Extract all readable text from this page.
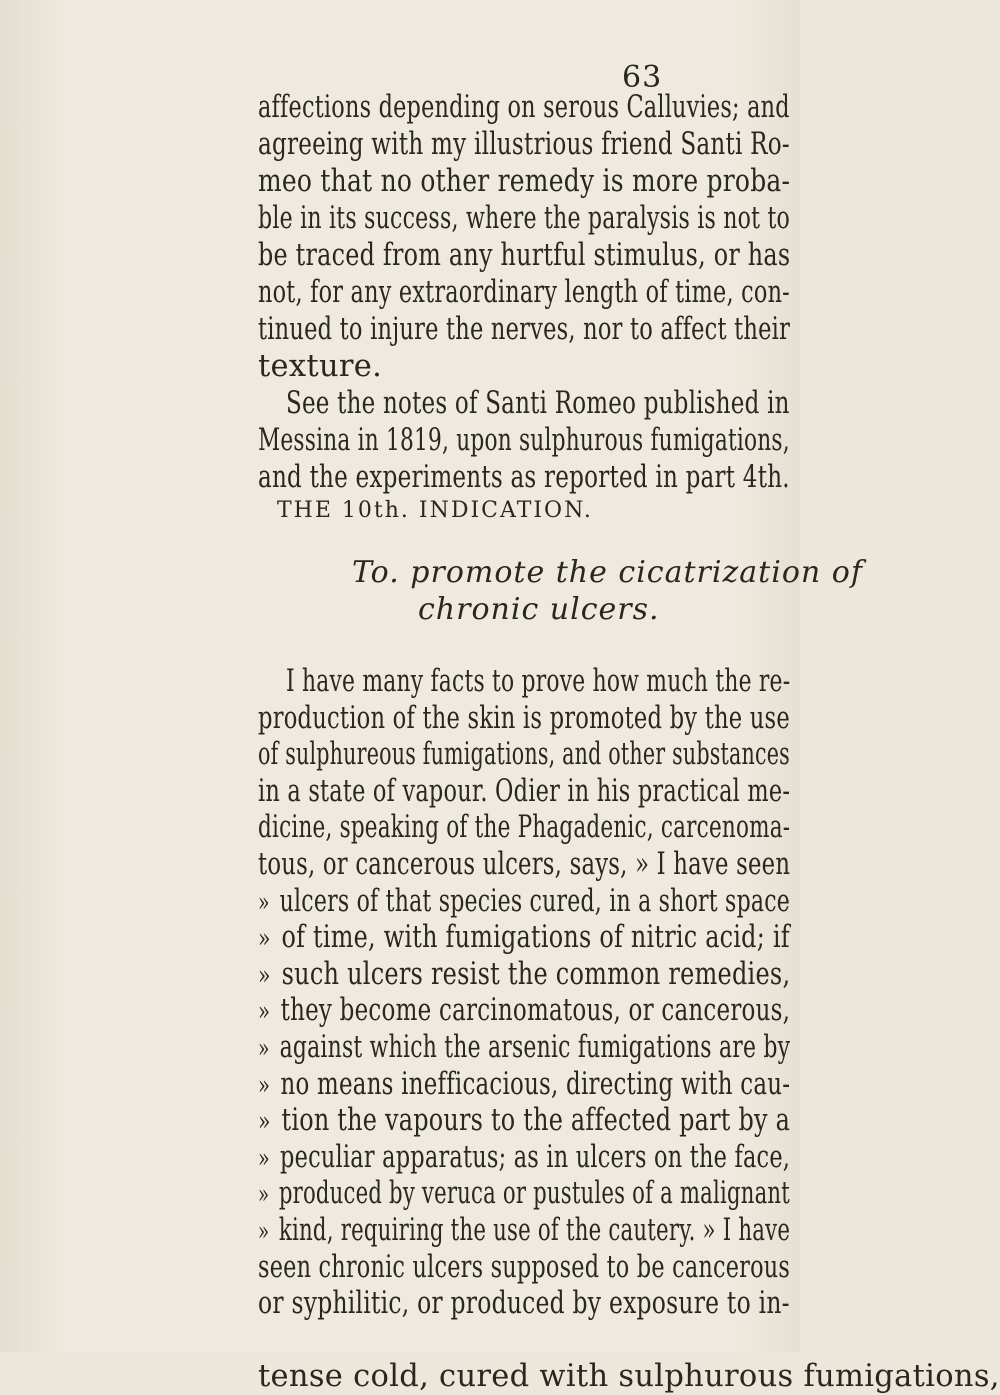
63
affections depending on serous Calluvies; and
agreeing with my illustrious friend Santi Ro-
meo that no other remedy is more proba-
ble in its success, where the paralysis is not to
be traced from any hurtful stimulus, or has
not, for any extraordinary length of time, con-
tinued to injure the nerves, nor to affect their
texture.
See the notes of Santi Romeo published in
Messina in 1819, upon sulphurous fumigations,
and the experiments as reported in part 4th.
THE 10th. INDICATION.
To. promote the cicatrization of
chronic ulcers.
I have many facts to prove how much the re-
production of the skin is promoted by the use
of sulphureous fumigations, and other substances
in a state of vapour. Odier in his practical me-
dicine, speaking of the Phagadenic, carcenoma-
tous, or cancerous ulcers, says, » I have seen
» ulcers of that species cured, in a short space
» of time, with fumigations of nitric acid; if
» such ulcers resist the common remedies,
» they become carcinomatous, or cancerous,
» against which the arsenic fumigations are by
» no means inefficacious, directing with cau-
» tion the vapours to the affected part by a
» peculiar apparatus; as in ulcers on the face,
» produced by veruca or pustules of a malignant
» kind, requiring the use of the cautery. » I have
seen chronic ulcers supposed to be cancerous
or syphilitic, or produced by exposure to in-
tense cold, cured with sulphurous fumigations,
